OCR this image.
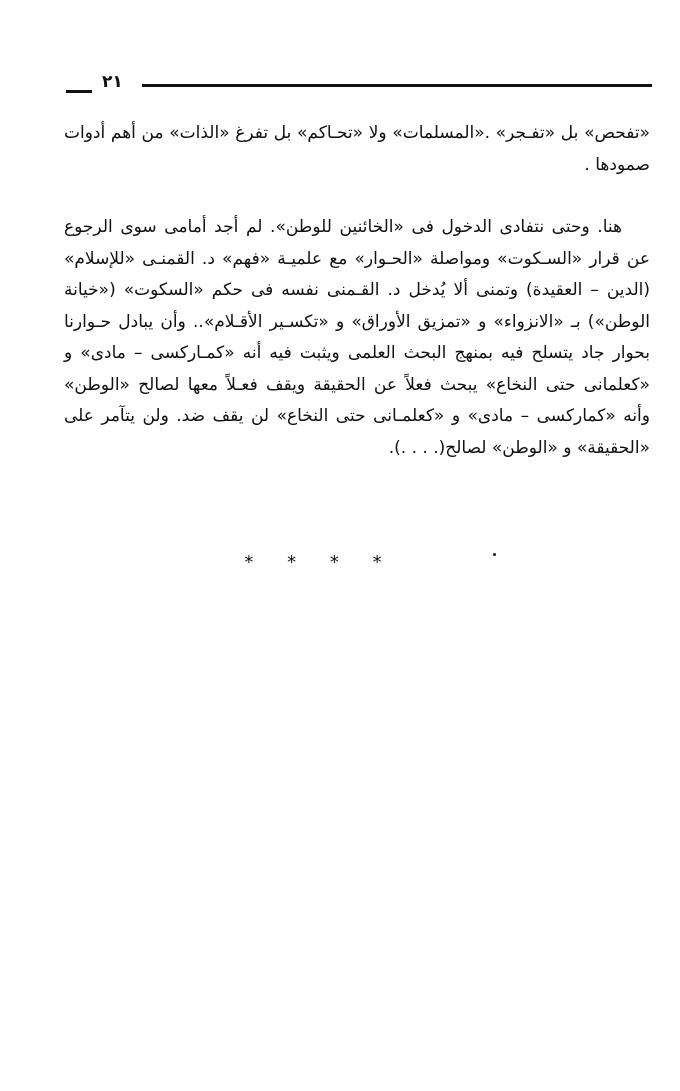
٢١

«تفحص» بل «تفـجر» .«المسلمات» ولا «تحـاكم» بل تفرغ «الذات» من أهم أدوات صمودها .

هنا. وحتى نتفادى الدخول فى «الخائنين للوطن». لم أجد أمامى سوى الرجوع عن قرار «السـكوت» ومواصلة «الحـوار» مع علميـة «فهم» د. القمنـى «للإسلام» (الدين – العقيدة) وتمنى ألا يُدخل د. القـمنى نفسه فى حكم «السكوت» («خيانة الوطن») بـ «الانزواء» و «تمزيق الأوراق» و «تكسـير الأقـلام».. وأن يبادل حـوارنا بحوار جاد يتسلح فيه بمنهج البحث العلمى ويثبت فيه أنه «كمـاركسى – مادى» و «كعلمانى حتى النخاع» يبحث فعلاً عن الحقيقة ويقف فعـلاً معها لصالح «الوطن» وأنه «كماركسى – مادى» و «كعلمـانى حتى النخاع» لن يقف ضد. ولن يتآمر على «الحقيقة» و «الوطن» لصالح(. . . .).

* * * *
